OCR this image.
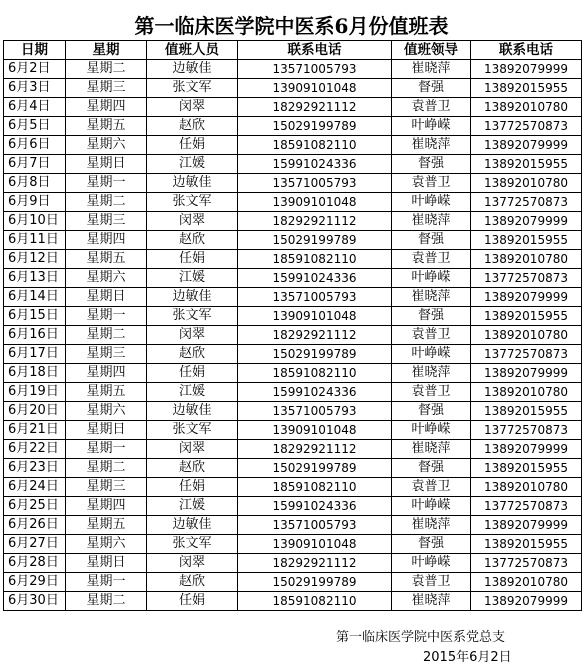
第一临床医学院中医系6月份值班表
日期	星期	值班人员	联系电话	值班领导	联系电话
6月2日	星期二	边敏佳	13571005793	崔晓萍	13892079999
6月3日	星期三	张文军	13909101048	督强	13892015955
6月4日	星期四	闵翠	18292921112	袁普卫	13892010780
6月5日	星期五	赵欣	15029199789	叶峥嵘	13772570873
6月6日	星期六	任娟	18591082110	崔晓萍	13892079999
6月7日	星期日	江媛	15991024336	督强	13892015955
6月8日	星期一	边敏佳	13571005793	袁普卫	13892010780
6月9日	星期二	张文军	13909101048	叶峥嵘	13772570873
6月10日	星期三	闵翠	18292921112	崔晓萍	13892079999
6月11日	星期四	赵欣	15029199789	督强	13892015955
6月12日	星期五	任娟	18591082110	袁普卫	13892010780
6月13日	星期六	江媛	15991024336	叶峥嵘	13772570873
6月14日	星期日	边敏佳	13571005793	崔晓萍	13892079999
6月15日	星期一	张文军	13909101048	督强	13892015955
6月16日	星期二	闵翠	18292921112	袁普卫	13892010780
6月17日	星期三	赵欣	15029199789	叶峥嵘	13772570873
6月18日	星期四	任娟	18591082110	崔晓萍	13892079999
6月19日	星期五	江媛	15991024336	袁普卫	13892010780
6月20日	星期六	边敏佳	13571005793	督强	13892015955
6月21日	星期日	张文军	13909101048	叶峥嵘	13772570873
6月22日	星期一	闵翠	18292921112	崔晓萍	13892079999
6月23日	星期二	赵欣	15029199789	督强	13892015955
6月24日	星期三	任娟	18591082110	袁普卫	13892010780
6月25日	星期四	江媛	15991024336	叶峥嵘	13772570873
6月26日	星期五	边敏佳	13571005793	崔晓萍	13892079999
6月27日	星期六	张文军	13909101048	督强	13892015955
6月28日	星期日	闵翠	18292921112	叶峥嵘	13772570873
6月29日	星期一	赵欣	15029199789	袁普卫	13892010780
6月30日	星期二	任娟	18591082110	崔晓萍	13892079999
第一临床医学院中医系党总支
2015年6月2日
